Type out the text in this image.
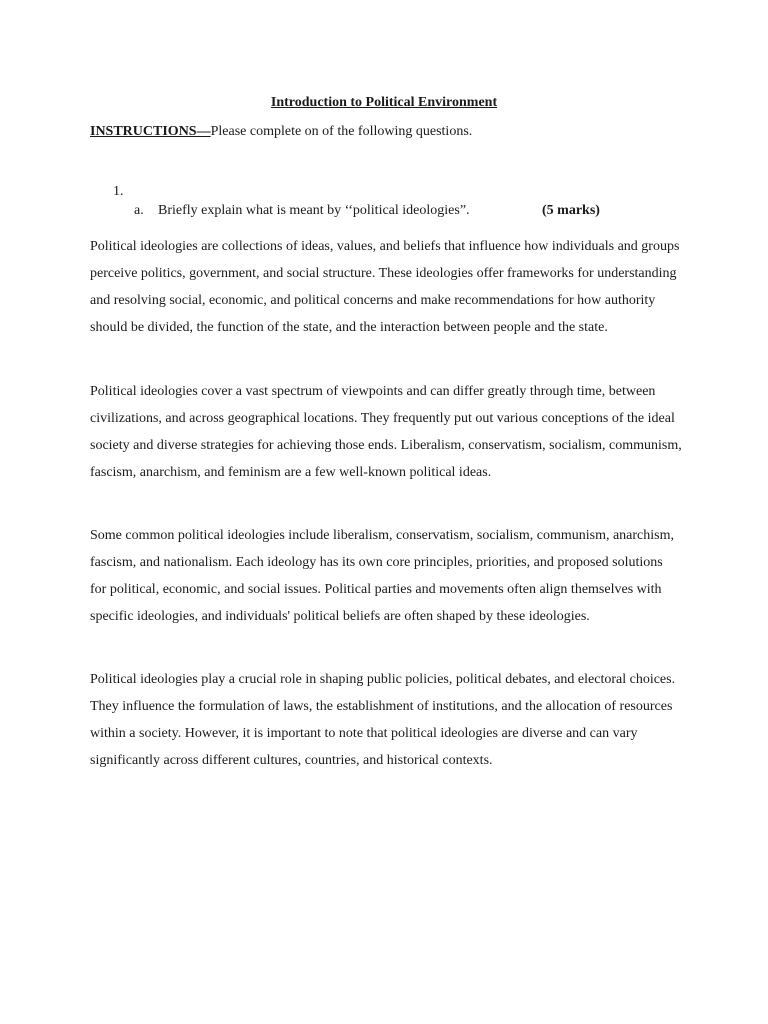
Introduction to Political Environment
INSTRUCTIONS—Please complete on of the following questions.
1.
a. Briefly explain what is meant by ‘‘political ideologies”.	(5 marks)

Political ideologies are collections of ideas, values, and beliefs that influence how individuals and groups perceive politics, government, and social structure. These ideologies offer frameworks for understanding and resolving social, economic, and political concerns and make recommendations for how authority should be divided, the function of the state, and the interaction between people and the state.

Political ideologies cover a vast spectrum of viewpoints and can differ greatly through time, between civilizations, and across geographical locations. They frequently put out various conceptions of the ideal society and diverse strategies for achieving those ends. Liberalism, conservatism, socialism, communism, fascism, anarchism, and feminism are a few well-known political ideas.

Some common political ideologies include liberalism, conservatism, socialism, communism, anarchism, fascism, and nationalism. Each ideology has its own core principles, priorities, and proposed solutions for political, economic, and social issues. Political parties and movements often align themselves with specific ideologies, and individuals' political beliefs are often shaped by these ideologies.

Political ideologies play a crucial role in shaping public policies, political debates, and electoral choices. They influence the formulation of laws, the establishment of institutions, and the allocation of resources within a society. However, it is important to note that political ideologies are diverse and can vary significantly across different cultures, countries, and historical contexts.
